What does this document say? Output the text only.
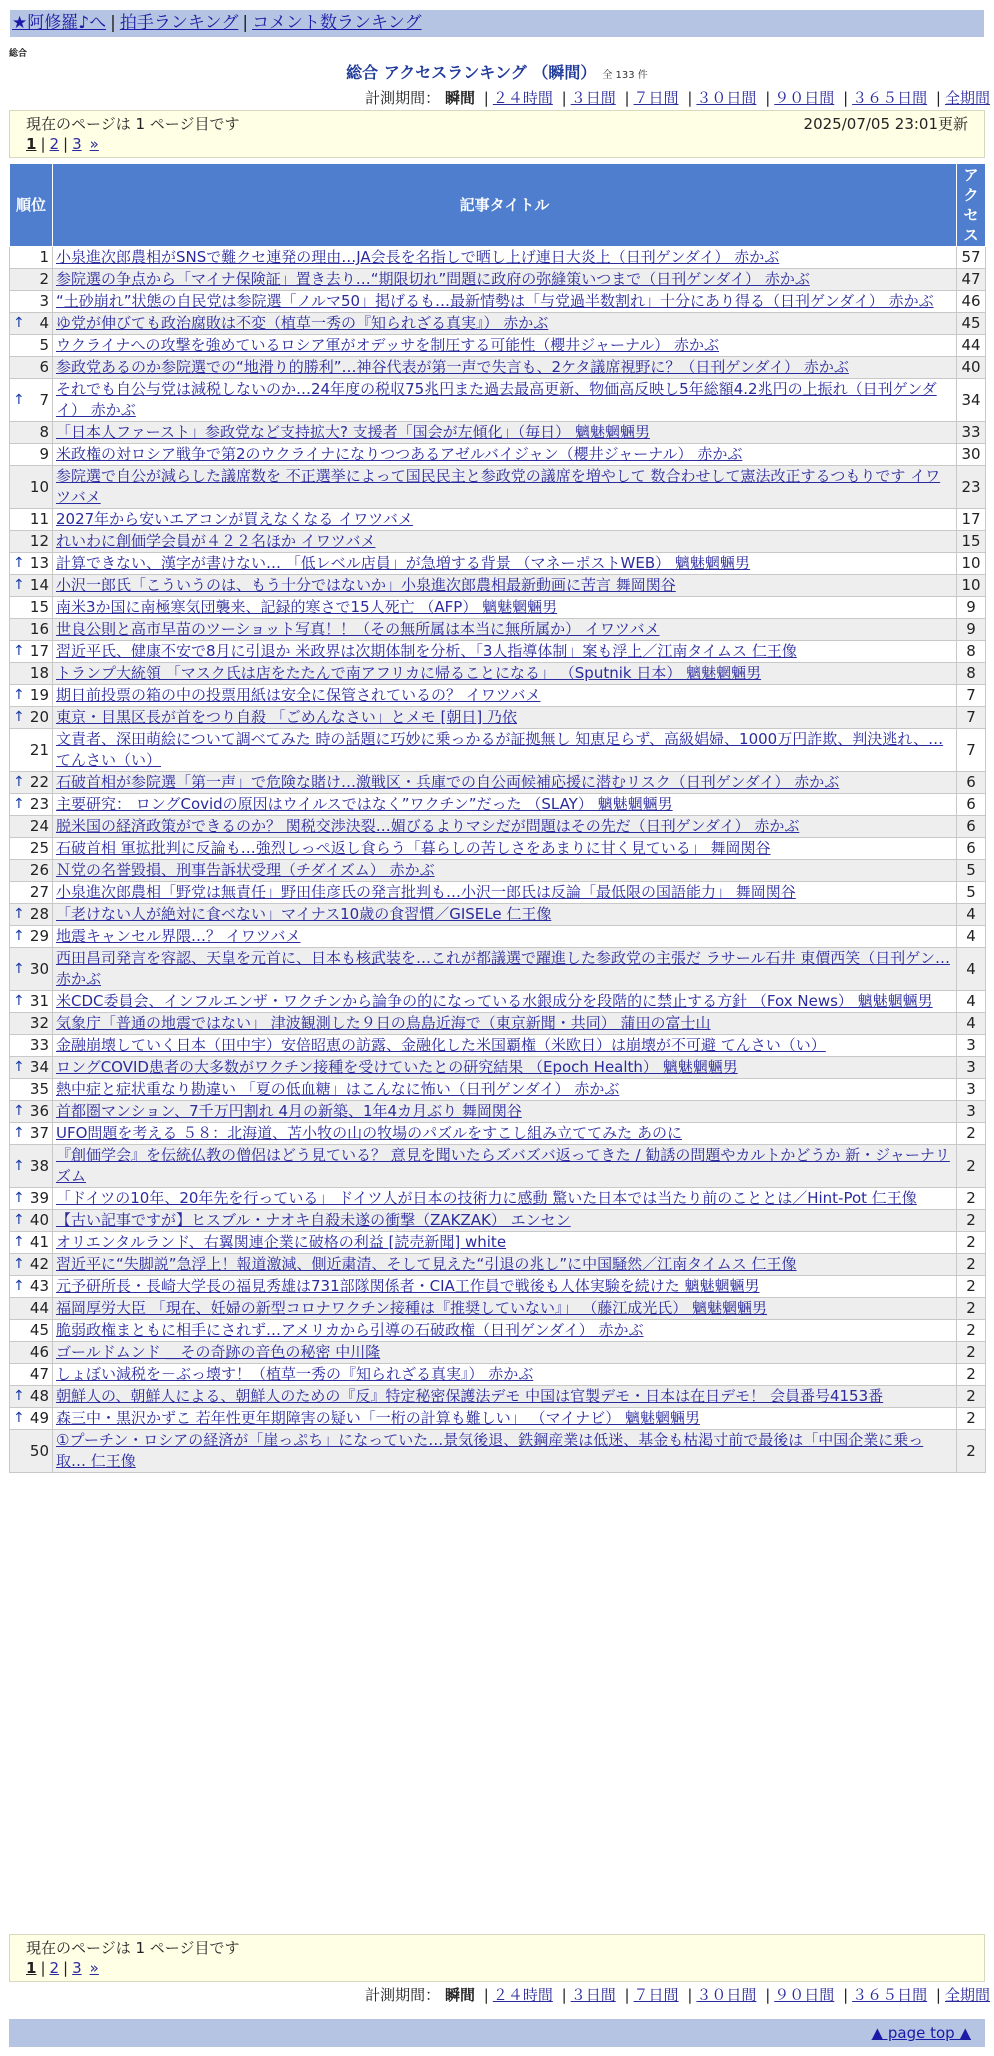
★阿修羅♪へ | 拍手ランキング | コメント数ランキング
総合
総合 アクセスランキング （瞬間） 全 133 件
計測期間： 瞬間 | ２４時間 | ３日間 | ７日間 | ３０日間 | ９０日間 | ３６５日間 | 全期間
現在のページは 1 ページ目です	2025/07/05 23:01更新
1 | 2 | 3 »
順位	記事タイトル	アクセス
1	小泉進次郎農相がSNSで難クセ連発の理由…JA会長を名指しで晒し上げ連日大炎上（日刊ゲンダイ） 赤かぶ	57
2	参院選の争点から「マイナ保険証」置き去り…“期限切れ”問題に政府の弥縫策いつまで（日刊ゲンダイ） 赤かぶ	47
3	“土砂崩れ”状態の自民党は参院選「ノルマ50」掲げるも…最新情勢は「与党過半数割れ」十分にあり得る（日刊ゲンダイ） 赤かぶ	46

↑ 4	ゆ党が伸びても政治腐敗は不変（植草一秀の『知られざる真実』） 赤かぶ	45
5	ウクライナへの攻撃を強めているロシア軍がオデッサを制圧する可能性（櫻井ジャーナル） 赤かぶ	44
6	参政党あるのか参院選での“地滑り的勝利”…神谷代表が第一声で失言も、2ケタ議席視野に？（日刊ゲンダイ） 赤かぶ	40

↑ 7	それでも自公与党は減税しないのか…24年度の税収75兆円また過去最高更新、物価高反映し5年総額4.2兆円の上振れ（日刊ゲンダイ） 赤かぶ	34
8	「日本人ファースト」参政党など支持拡大? 支援者「国会が左傾化」（毎日） 魑魅魍魎男	33
9	米政権の対ロシア戦争で第2のウクライナになりつつあるアゼルバイジャン（櫻井ジャーナル） 赤かぶ	30
10	参院選で自公が減らした議席数を 不正選挙によって国民民主と参政党の議席を増やして 数合わせして憲法改正するつもりです イワツバメ	23
11	2027年から安いエアコンが買えなくなる イワツバメ	17
12	れいわに創価学会員が４２２名ほか イワツバメ	15

↑ 13	計算できない、漢字が書けない… 「低レベル店員」が急増する背景 （マネーポストWEB） 魑魅魍魎男	10

↑ 14	小沢一郎氏「こういうのは、もう十分ではないか」小泉進次郎農相最新動画に苦言 舞岡関谷	10
15	南米3か国に南極寒気団襲来、記録的寒さで15人死亡 （AFP） 魑魅魍魎男	9
16	世良公則と高市早苗のツーショット写真！！（その無所属は本当に無所属か） イワツバメ	9

↑ 17	習近平氏、健康不安で8月に引退か 米政界は次期体制を分析、「3人指導体制」案も浮上／江南タイムス 仁王像	8
18	トランプ大統領 「マスク氏は店をたたんで南アフリカに帰ることになる」 （Sputnik 日本） 魑魅魍魎男	8

↑ 19	期日前投票の箱の中の投票用紙は安全に保管されているの？ イワツバメ	7

↑ 20	東京・目黒区長が首をつり自殺 「ごめんなさい」とメモ [朝日] 乃依	7
21	文責者、深田萌絵について調べてみた 時の話題に巧妙に乗っかるが証拠無し 知恵足らず、高級娼婦、1000万円詐欺、判決逃れ、… てんさい（い）	7

↑ 22	石破首相が参院選「第一声」で危険な賭け…激戦区・兵庫での自公両候補応援に潜むリスク（日刊ゲンダイ） 赤かぶ	6

↑ 23	主要研究： ロングCovidの原因はウイルスではなく”ワクチン”だった （SLAY） 魑魅魍魎男	6
24	脱米国の経済政策ができるのか？ 関税交渉決裂…媚びるよりマシだが問題はその先だ（日刊ゲンダイ） 赤かぶ	6
25	石破首相 軍拡批判に反論も…強烈しっぺ返し食らう「暮らしの苦しさをあまりに甘く見ている」 舞岡関谷	6
26	Ｎ党の名誉毀損、刑事告訴状受理（チダイズム） 赤かぶ	5
27	小泉進次郎農相「野党は無責任」野田佳彦氏の発言批判も…小沢一郎氏は反論「最低限の国語能力」 舞岡関谷	5

↑ 28	「老けない人が絶対に食べない」マイナス10歳の食習慣／GISELe 仁王像	4

↑ 29	地震キャンセル界隈…？ イワツバメ	4

↑ 30	西田昌司発言を容認、天皇を元首に、日本も核武装を…これが都議選で躍進した参政党の主張だ ラサール石井 東價西笑（日刊ゲン… 赤かぶ	4

↑ 31	米CDC委員会、インフルエンザ・ワクチンから論争の的になっている水銀成分を段階的に禁止する方針 （Fox News） 魑魅魍魎男	4
32	気象庁「普通の地震ではない」 津波観測した９日の鳥島近海で（東京新聞・共同） 蒲田の富士山	4
33	金融崩壊していく日本（田中宇）安倍昭恵の訪露、金融化した米国覇権（米欧日）は崩壊が不可避 てんさい（い）	3

↑ 34	ロングCOVID患者の大多数がワクチン接種を受けていたとの研究結果 （Epoch Health） 魑魅魍魎男	3
35	熱中症と症状重なり勘違い 「夏の低血糖」はこんなに怖い（日刊ゲンダイ） 赤かぶ	3

↑ 36	首都圏マンション、7千万円割れ 4月の新築、1年4カ月ぶり 舞岡関谷	3

↑ 37	UFO問題を考える ５８：北海道、苫小牧の山の牧場のパズルをすこし組み立ててみた あのに	2

↑ 38	『創価学会』を伝統仏教の僧侶はどう見ている？ 意見を聞いたらズバズバ返ってきた / 勧誘の問題やカルトかどうか 新・ジャーナリズム	2

↑ 39	「ドイツの10年、20年先を行っている」 ドイツ人が日本の技術力に感動 驚いた日本では当たり前のこととは／Hint-Pot 仁王像	2

↑ 40	【古い記事ですが】ヒスブル・ナオキ自殺未遂の衝撃（ZAKZAK） エンセン	2

↑ 41	オリエンタルランド、右翼関連企業に破格の利益 [読売新聞] white	2

↑ 42	習近平に“失脚説”急浮上！報道激減、側近粛清、そして見えた“引退の兆し”に中国騒然／江南タイムス 仁王像	2

↑ 43	元予研所長・長崎大学長の福見秀雄は731部隊関係者・CIA工作員で戦後も人体実験を続けた 魑魅魍魎男	2
44	福岡厚労大臣 「現在、妊婦の新型コロナワクチン接種は『推奨していない』」 （藤江成光氏） 魑魅魍魎男	2
45	脆弱政権まともに相手にされず…アメリカから引導の石破政権（日刊ゲンダイ） 赤かぶ	2
46	ゴールドムンド ＿その奇跡の音色の秘密 中川隆	2
47	しょぼい減税を－ぶっ壊す！（植草一秀の『知られざる真実』） 赤かぶ	2

↑ 48	朝鮮人の、朝鮮人による、朝鮮人のための『反』特定秘密保護法デモ 中国は官製デモ・日本は在日デモ！ 会員番号4153番	2

↑ 49	森三中・黒沢かずこ 若年性更年期障害の疑い「一桁の計算も難しい」 （マイナビ） 魑魅魍魎男	2
50	①プーチン・ロシアの経済が「崖っぷち」になっていた…景気後退、鉄鋼産業は低迷、基金も枯渇寸前で最後は「中国企業に乗っ取… 仁王像	2
現在のページは 1 ページ目です
1 | 2 | 3 »
計測期間： 瞬間 | ２４時間 | ３日間 | ７日間 | ３０日間 | ９０日間 | ３６５日間 | 全期間
▲ page top ▲
